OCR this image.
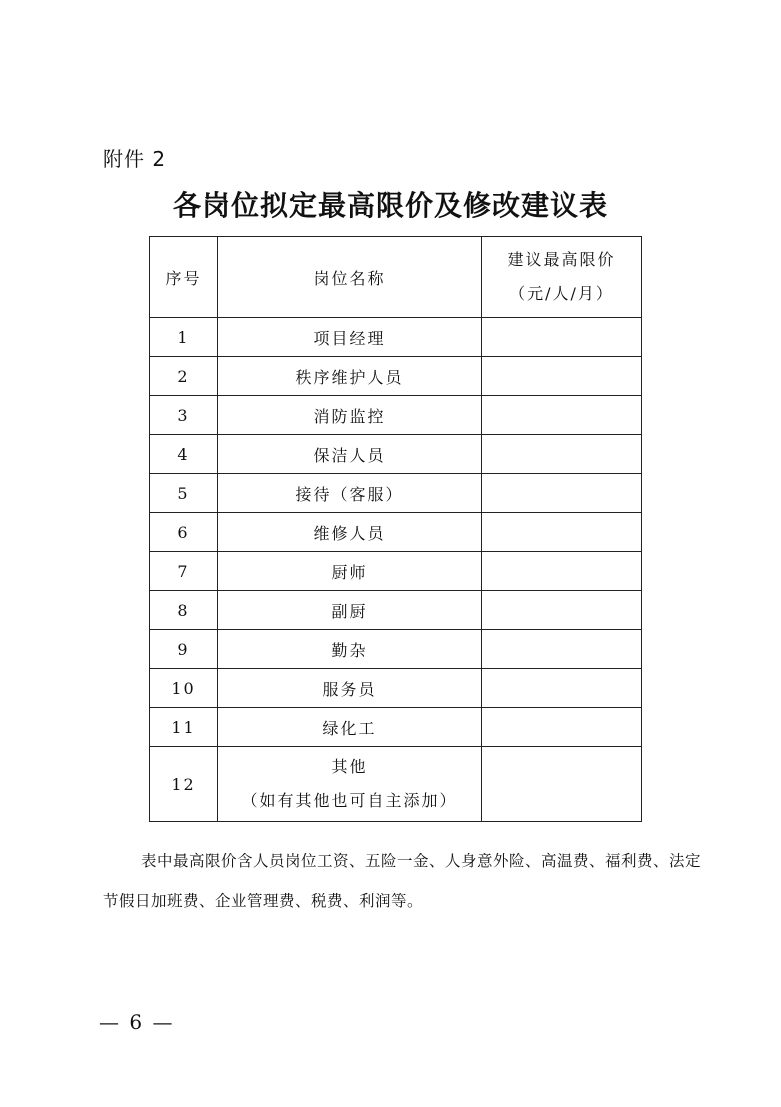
附件 2
各岗位拟定最高限价及修改建议表
序号	岗位名称	建议最高限价
（元/人/月）

1	项目经理	
2	秩序维护人员	
3	消防监控	
4	保洁人员	
5	接待（客服）	
6	维修人员	
7	厨师	
8	副厨	
9	勤杂	
10	服务员	
11	绿化工	
12	其他
（如有其他也可自主添加）	

表中最高限价含人员岗位工资、五险一金、人身意外险、高温费、福利费、法定节假日加班费、企业管理费、税费、利润等。
— 6 —
